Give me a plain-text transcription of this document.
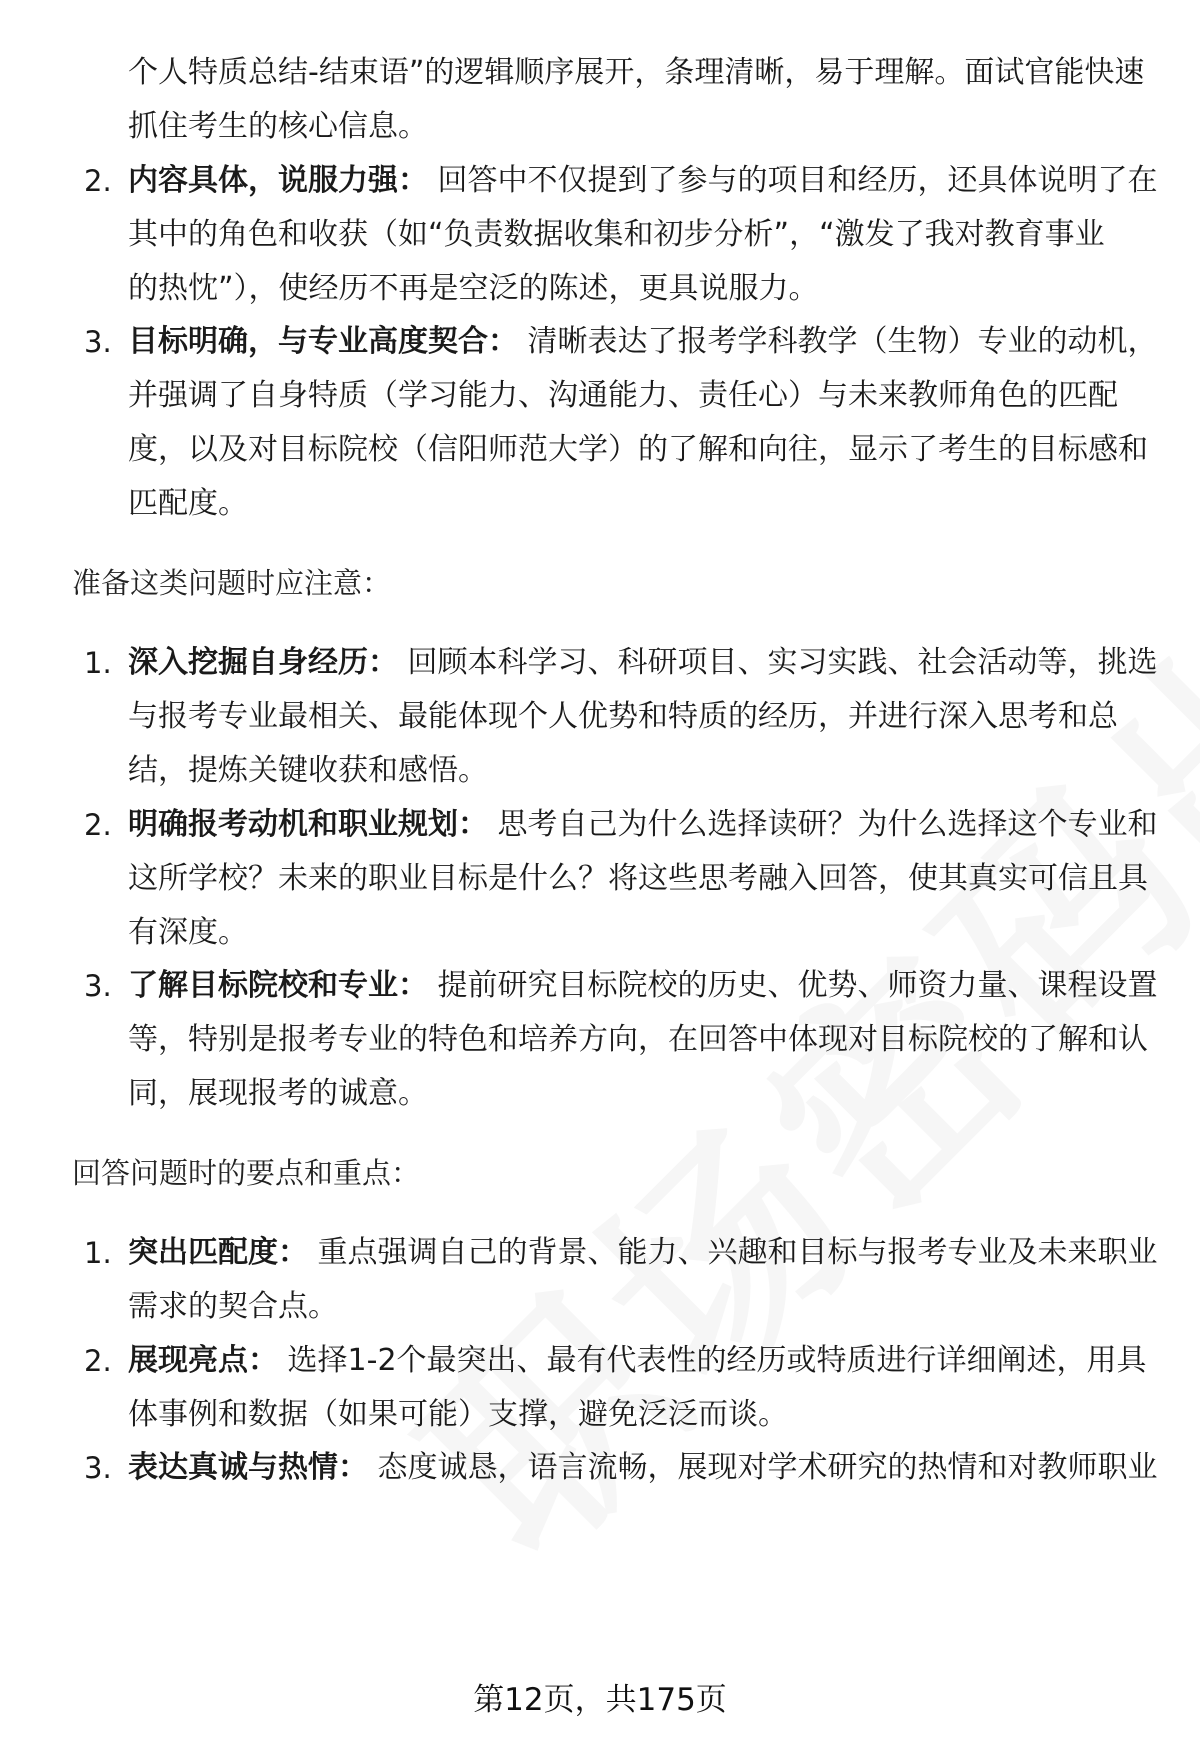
个人特质总结-结束语”的逻辑顺序展开，条理清晰，易于理解。面试官能快速
抓住考生的核心信息。
2. 内容具体，说服力强： 回答中不仅提到了参与的项目和经历，还具体说明了在
其中的角色和收获（如“负责数据收集和初步分析”，“激发了我对教育事业
的热忱”），使经历不再是空泛的陈述，更具说服力。
3. 目标明确，与专业高度契合： 清晰表达了报考学科教学（生物）专业的动机，
并强调了自身特质（学习能力、沟通能力、责任心）与未来教师角色的匹配
度，以及对目标院校（信阳师范大学）的了解和向往，显示了考生的目标感和
匹配度。
准备这类问题时应注意：
1. 深入挖掘自身经历： 回顾本科学习、科研项目、实习实践、社会活动等，挑选
与报考专业最相关、最能体现个人优势和特质的经历，并进行深入思考和总
结，提炼关键收获和感悟。
2. 明确报考动机和职业规划： 思考自己为什么选择读研？为什么选择这个专业和
这所学校？未来的职业目标是什么？将这些思考融入回答，使其真实可信且具
有深度。
3. 了解目标院校和专业： 提前研究目标院校的历史、优势、师资力量、课程设置
等，特别是报考专业的特色和培养方向，在回答中体现对目标院校的了解和认
同，展现报考的诚意。
回答问题时的要点和重点：
1. 突出匹配度： 重点强调自己的背景、能力、兴趣和目标与报考专业及未来职业
需求的契合点。
2. 展现亮点： 选择1-2个最突出、最有代表性的经历或特质进行详细阐述，用具
体事例和数据（如果可能）支撑，避免泛泛而谈。
3. 表达真诚与热情： 态度诚恳，语言流畅，展现对学术研究的热情和对教师职业
第12页，共175页
